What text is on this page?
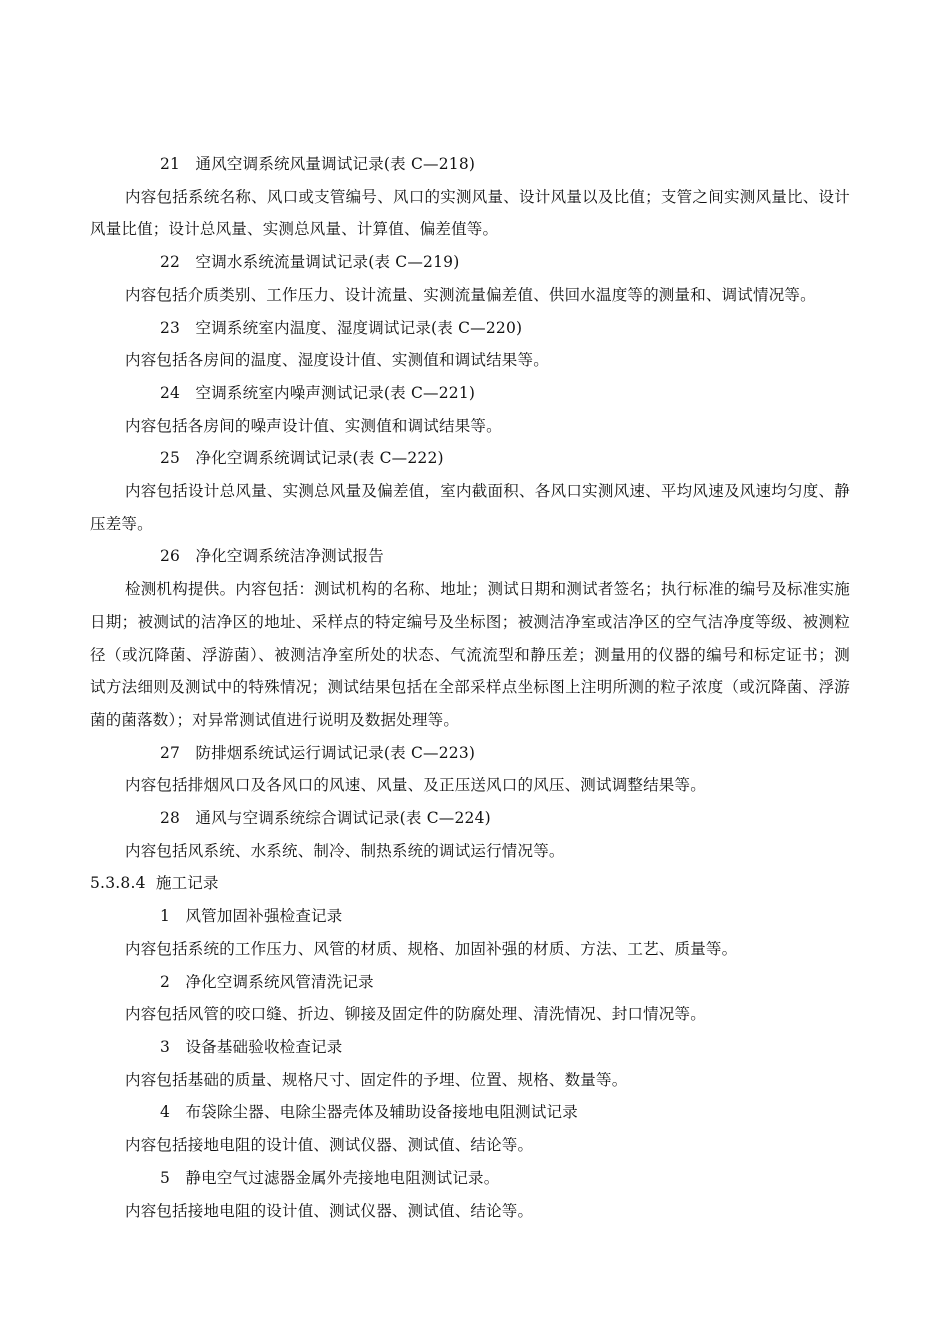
21 通风空调系统风量调试记录(表 C—218)

内容包括系统名称、风口或支管编号、风口的实测风量、设计风量以及比值；支管之间实测风量比、设计风量比值；设计总风量、实测总风量、计算值、偏差值等。

22 空调水系统流量调试记录(表 C—219)

内容包括介质类别、工作压力、设计流量、实测流量偏差值、供回水温度等的测量和、调试情况等。

23 空调系统室内温度、湿度调试记录(表 C—220)

内容包括各房间的温度、湿度设计值、实测值和调试结果等。

24 空调系统室内噪声测试记录(表 C—221)

内容包括各房间的噪声设计值、实测值和调试结果等。

25 净化空调系统调试记录(表 C—222)

内容包括设计总风量、实测总风量及偏差值，室内截面积、各风口实测风速、平均风速及风速均匀度、静压差等。

26 净化空调系统洁净测试报告

检测机构提供。内容包括：测试机构的名称、地址；测试日期和测试者签名；执行标准的编号及标准实施日期；被测试的洁净区的地址、采样点的特定编号及坐标图；被测洁净室或洁净区的空气洁净度等级、被测粒径（或沉降菌、浮游菌）、被测洁净室所处的状态、气流流型和静压差；测量用的仪器的编号和标定证书；测试方法细则及测试中的特殊情况；测试结果包括在全部采样点坐标图上注明所测的粒子浓度（或沉降菌、浮游菌的菌落数）；对异常测试值进行说明及数据处理等。

27 防排烟系统试运行调试记录(表 C—223)

内容包括排烟风口及各风口的风速、风量、及正压送风口的风压、测试调整结果等。

28 通风与空调系统综合调试记录(表 C—224)

内容包括风系统、水系统、制冷、制热系统的调试运行情况等。

5.3.8.4 施工记录

1 风管加固补强检查记录

内容包括系统的工作压力、风管的材质、规格、加固补强的材质、方法、工艺、质量等。

2 净化空调系统风管清洗记录

内容包括风管的咬口缝、折边、铆接及固定件的防腐处理、清洗情况、封口情况等。

3 设备基础验收检查记录

内容包括基础的质量、规格尺寸、固定件的予埋、位置、规格、数量等。

4 布袋除尘器、电除尘器壳体及辅助设备接地电阻测试记录

内容包括接地电阻的设计值、测试仪器、测试值、结论等。

5 静电空气过滤器金属外壳接地电阻测试记录。

内容包括接地电阻的设计值、测试仪器、测试值、结论等。
